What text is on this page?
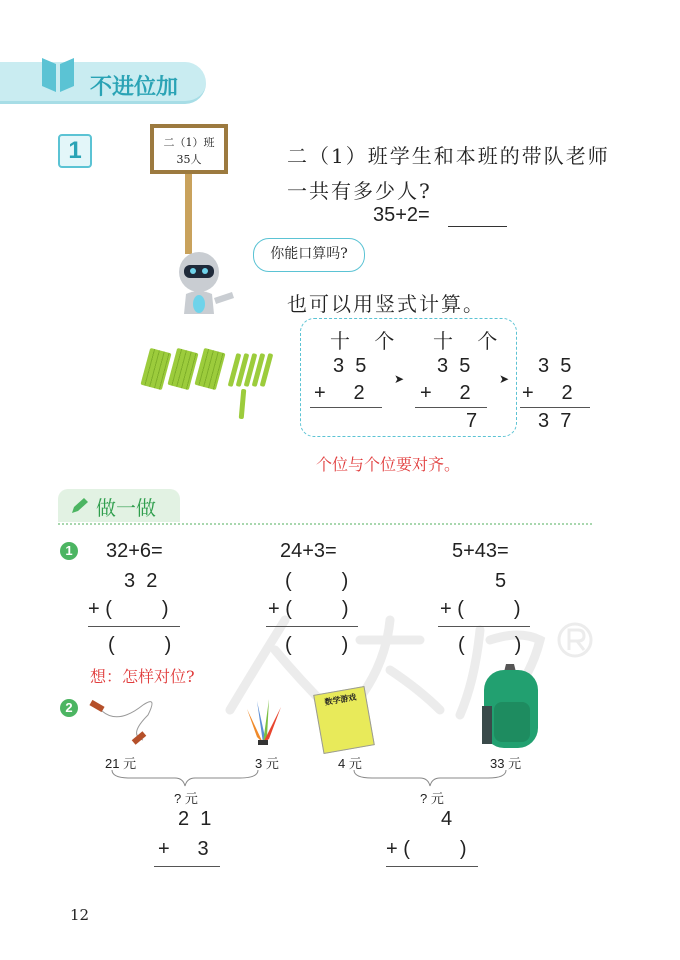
不进位加
1	二（1）班
35人	二（1）班学生和本班的带队老师
一共有多少人?
35+2=
你能口算吗?
也可以用竖式计算。
十 个 十 个
3  5
+     2
➤
3  5
+     2
7
➤
3  5
+     2
3  7
个位与个位要对齐。
做一做
1 32+6=
3  2
+ (         )
(         )
24+3=
(         )
+ (         )
(         )
5+43=
5
+ (         )
(         )
想：怎样对位?
2
数学游戏
21 元	3 元	4 元	33 元
? 元	? 元
2  1
+     3
4
+ (         )
12
